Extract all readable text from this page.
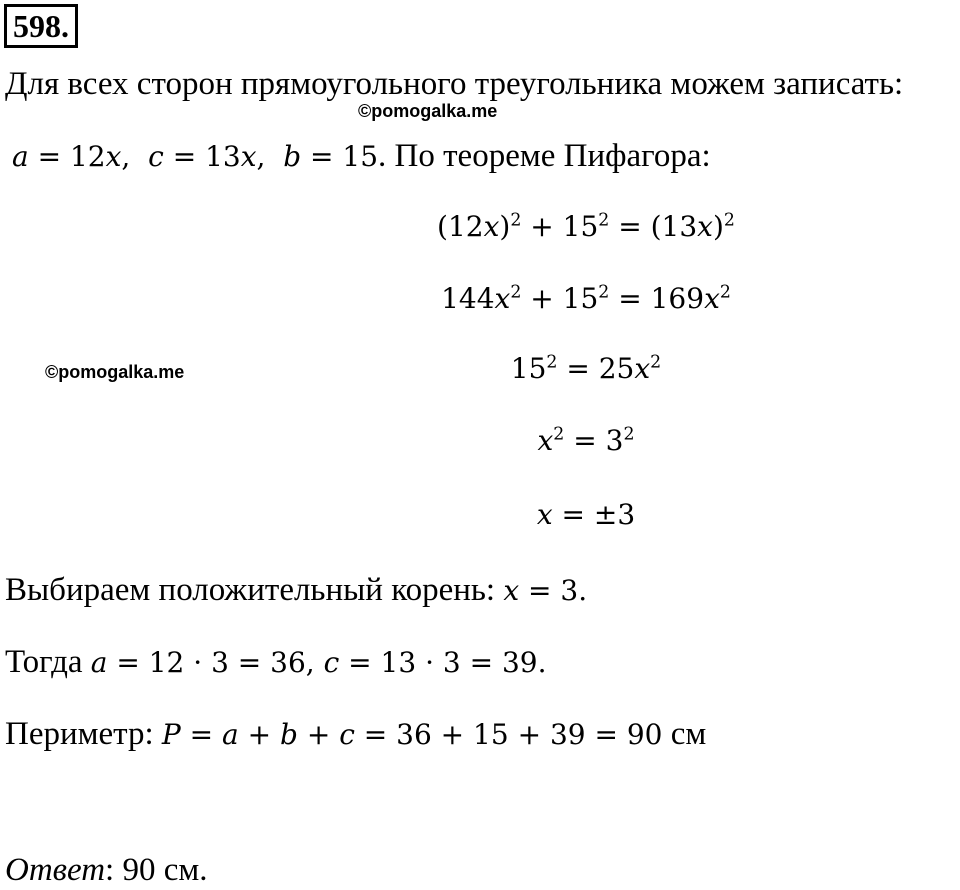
598.
Для всех сторон прямоугольного треугольника можем записать:
©pomogalka.me
a = 12x,  c = 13x,  b = 15. По теореме Пифагора:
$(12x)^2 + 15^2 = (13x)^2$
$144x^2 + 15^2 = 169x^2$
©pomogalka.me	$15^2 = 25x^2$
$x^2 = 3^2$
x = ±3
Выбираем положительный корень: x = 3.
Тогда a = 12 · 3 = 36, c = 13 · 3 = 39.
Периметр: P = a + b + c = 36 + 15 + 39 = 90 см
Ответ: 90 см.
